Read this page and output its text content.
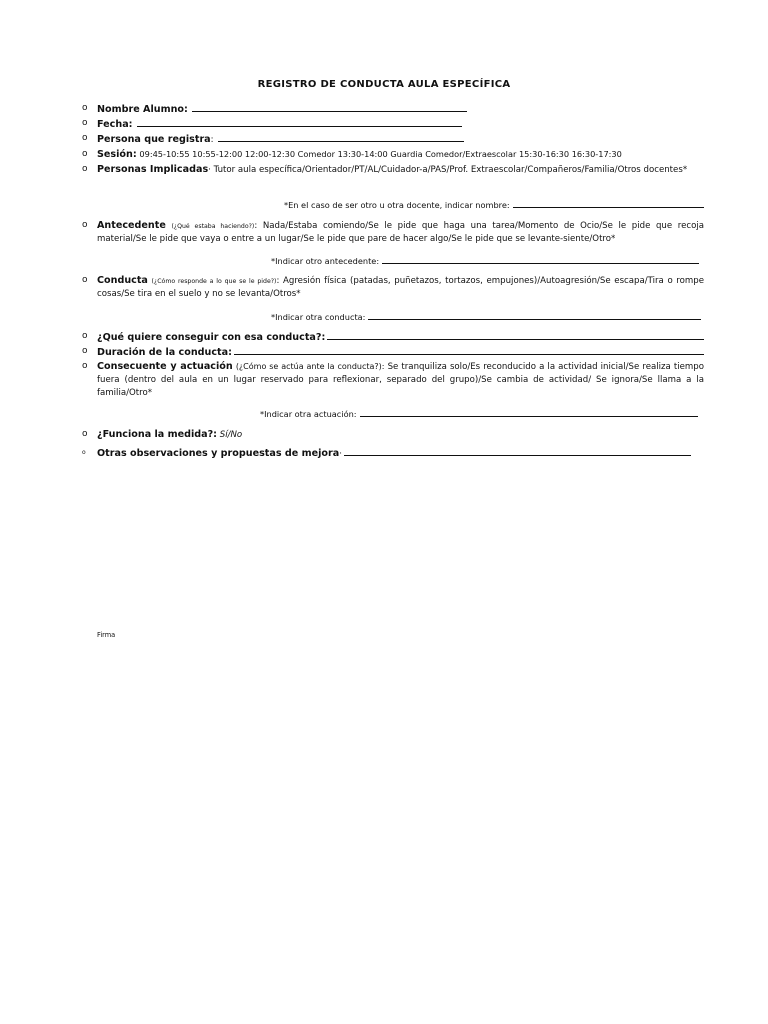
REGISTRO DE CONDUCTA AULA ESPECÍFICA
o Nombre Alumno:
o Fecha:
o Persona que registra :
o Sesión: 09:45-10:55 10:55-12:00 12:00-12:30 Comedor 13:30-14:00 Guardia Comedor/Extraescolar 15:30-16:30 16:30-17:30
o Personas Implicadas· Tutor aula específica/Orientador/PT/AL/Cuidador-a/PAS/Prof. Extraescolar/Compañeros/Familia/Otros docentes*
*En el caso de ser otro u otra docente, indicar nombre:
o Antecedente (¿Qué estaba haciendo?): Nada/Estaba comiendo/Se le pide que haga una tarea/Momento de Ocio/Se le pide que recoja material/Se le pide que vaya o entre a un lugar/Se le pide que pare de hacer algo/Se le pide que se levante-siente/Otro*
*Indicar otro antecedente:
o Conducta (¿Cómo responde a lo que se le pide?): Agresión física (patadas, puñetazos, tortazos, empujones)/Autoagresión/Se escapa/Tira o rompe cosas/Se tira en el suelo y no se levanta/Otros*
*Indicar otra conducta:
o ¿Qué quiere conseguir con esa conducta?:
o Duración de la conducta:
o Consecuente y actuación (¿Cómo se actúa ante la conducta?): Se tranquiliza solo/Es reconducido a la actividad inicial/Se realiza tiempo fuera (dentro del aula en un lugar reservado para reflexionar, separado del grupo)/Se cambia de actividad/ Se ignora/Se llama a la familia/Otro*
*Indicar otra actuación:
o ¿Funciona la medida?: Sí/No
o	Otras observaciones y propuestas de mejora ·
Firma
